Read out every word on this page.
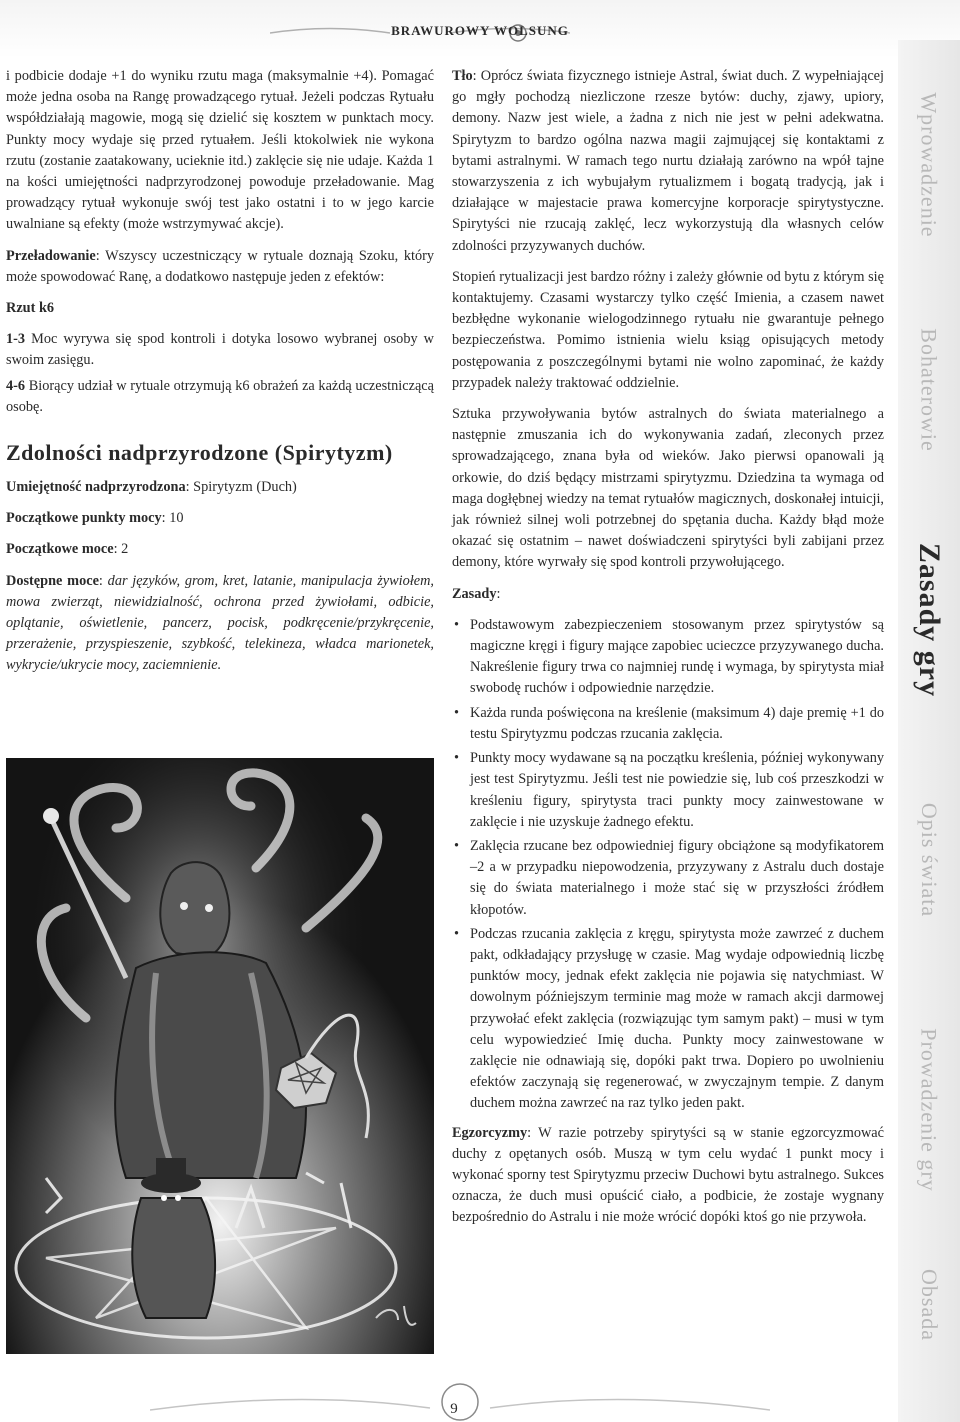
BRAWUROWY WOLSUNG

i podbicie dodaje +1 do wyniku rzutu maga (maksymalnie +4). Pomagać może jedna osoba na Rangę prowadzącego rytuał. Jeżeli podczas Rytuału współdziałają magowie, mogą się dzielić się kosztem w punktach mocy. Punkty mocy wydaje się przed rytuałem. Jeśli ktokolwiek nie wykona rzutu (zostanie zaatakowany, ucieknie itd.) zaklęcie się nie udaje. Każda 1 na kości umiejętności nadprzyrodzonej powoduje przeładowanie. Mag prowadzący rytuał wykonuje swój test jako ostatni i to w jego karcie uwalniane są efekty (może wstrzymywać akcje).

Przeładowanie: Wszyscy uczestniczący w rytuale doznają Szoku, który może spowodować Ranę, a dodatkowo następuje jeden z efektów:

Rzut k6

1-3 Moc wyrywa się spod kontroli i dotyka losowo wybranej osoby w swoim zasięgu.
4-6 Biorący udział w rytuale otrzymują k6 obrażeń za każdą uczestniczącą osobę.
Zdolności nadprzyrodzone (Spirytyzm)

Umiejętność nadprzyrodzona: Spirytyzm (Duch)

Początkowe punkty mocy: 10

Początkowe moce: 2

Dostępne moce: dar języków, grom, kret, latanie, manipulacja żywiołem, mowa zwierząt, niewidzialność, ochrona przed żywiołami, odbicie, oplątanie, oświetlenie, pancerz, pocisk, podkręcenie/przykręcenie, przerażenie, przyspieszenie, szybkość, telekineza, władca marionetek, wykrycie/ukrycie mocy, zaciemnienie.

Tło: Oprócz świata fizycznego istnieje Astral, świat duch. Z wypełniającej go mgły pochodzą niezliczone rzesze bytów: duchy, zjawy, upiory, demony. Nazw jest wiele, a żadna z nich nie jest w pełni adekwatna. Spirytyzm to bardzo ogólna nazwa magii zajmującej się kontaktami z bytami astralnymi. W ramach tego nurtu działają zarówno na wpół tajne stowarzyszenia z ich wybujałym rytualizmem i bogatą tradycją, jak i działające w majestacie prawa komercyjne korporacje spirytystyczne. Spirytyści nie rzucają zaklęć, lecz wykorzystują dla własnych celów zdolności przyzywanych duchów.

Stopień rytualizacji jest bardzo różny i zależy głównie od bytu z którym się kontaktujemy. Czasami wystarczy tylko część Imienia, a czasem nawet bezbłędne wykonanie wielogodzinnego rytuału nie gwarantuje pełnego bezpieczeństwa. Pomimo istnienia wielu ksiąg opisujących metody postępowania z poszczególnymi bytami nie wolno zapominać, że każdy przypadek należy traktować oddzielnie.

Sztuka przywoływania bytów astralnych do świata materialnego a następnie zmuszania ich do wykonywania zadań, zleconych przez sprowadzającego, znana była od wieków. Jako pierwsi opanowali ją orkowie, do dziś będący mistrzami spirytyzmu. Dziedzina ta wymaga od maga dogłębnej wiedzy na temat rytuałów magicznych, doskonałej intuicji, jak również silnej woli potrzebnej do spętania ducha. Każdy błąd może okazać się ostatnim – nawet doświadczeni spirytyści byli zabijani przez demony, które wyrwały się spod kontroli przywołującego.

Zasady:

• Podstawowym zabezpieczeniem stosowanym przez spirytystów są magiczne kręgi i figury mające zapobiec ucieczce przyzywanego ducha. Nakreślenie figury trwa co najmniej rundę i wymaga, by spirytysta miał swobodę ruchów i odpowiednie narzędzie.
• Każda runda poświęcona na kreślenie (maksimum 4) daje premię +1 do testu Spirytyzmu podczas rzucania zaklęcia.
• Punkty mocy wydawane są na początku kreślenia, później wykonywany jest test Spirytyzmu. Jeśli test nie powiedzie się, lub coś przeszkodzi w kreśleniu figury, spirytysta traci punkty mocy zainwestowane w zaklęcie i nie uzyskuje żadnego efektu.
• Zaklęcia rzucane bez odpowiedniej figury obciążone są modyfikatorem –2 a w przypadku niepowodzenia, przyzywany z Astralu duch dostaje się do świata materialnego i może stać się w przyszłości źródłem kłopotów.
• Podczas rzucania zaklęcia z kręgu, spirytysta może zawrzeć z duchem pakt, odkładający przysługę w czasie. Mag wydaje odpowiednią liczbę punktów mocy, jednak efekt zaklęcia nie pojawia się natychmiast. W dowolnym późniejszym terminie mag może w ramach akcji darmowej przywołać efekt zaklęcia (rozwiązując tym samym pakt) – musi w tym celu wypowiedzieć Imię ducha. Punkty mocy zainwestowane w zaklęcie nie odnawiają się, dopóki pakt trwa. Dopiero po uwolnieniu efektów zaczynają się regenerować, w zwyczajnym tempie. Z danym duchem można zawrzeć na raz tylko jeden pakt.

Egzorcyzmy: W razie potrzeby spirytyści są w stanie egzorcyzmować duchy z opętanych osób. Muszą w tym celu wydać 1 punkt mocy i wykonać sporny test Spirytyzmu przeciw Duchowi bytu astralnego. Sukces oznacza, że duch musi opuścić ciało, a podbicie, że zostaje wygnany bezpośrednio do Astralu i nie może wrócić dopóki ktoś go nie przywoła.

Wprowadzenie
Bohaterowie
Zasady gry
Opis świata
Prowadzenie gry
Obsada
9
